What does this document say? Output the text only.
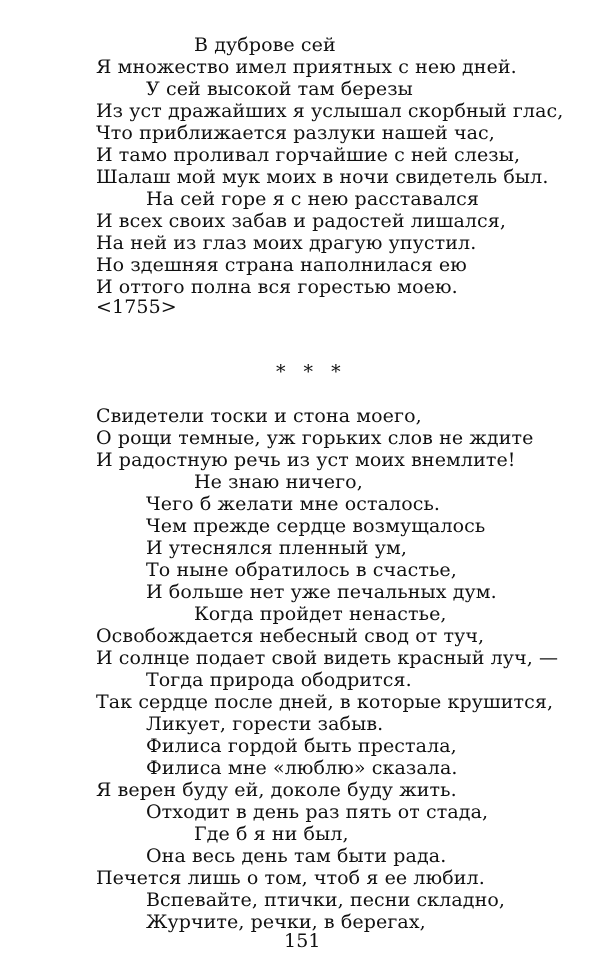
В дуброве сей
Я множество имел приятных с нею дней.
У сей высокой там березы
Из уст дражайших я услышал скорбный глас,
Что приближается разлуки нашей час,
И тамо проливал горчайшие с ней слезы,
Шалаш мой мук моих в ночи свидетель был.
На сей горе я с нею расставался
И всех своих забав и радостей лишался,
На ней из глаз моих драгую упустил.
Но здешняя страна наполнилася ею
И оттого полна вся горестью моею.
<1755>
* * *
Свидетели тоски и стона моего,
О рощи темные, уж горьких слов не ждите
И радостную речь из уст моих внемлите!
Не знаю ничего,
Чего б желати мне осталось.
Чем прежде сердце возмущалось
И утеснялся пленный ум,
То ныне обратилось в счастье,
И больше нет уже печальных дум.
Когда пройдет ненастье,
Освобождается небесный свод от туч,
И солнце подает свой видеть красный луч, —
Тогда природа ободрится.
Так сердце после дней, в которые крушится,
Ликует, горести забыв.
Филиса гордой быть престала,
Филиса мне «люблю» сказала.
Я верен буду ей, доколе буду жить.
Отходит в день раз пять от стада,
Где б я ни был,
Она весь день там быти рада.
Печется лишь о том, чтоб я ее любил.
Вспевайте, птички, песни складно,
Журчите, речки, в берегах,
151
